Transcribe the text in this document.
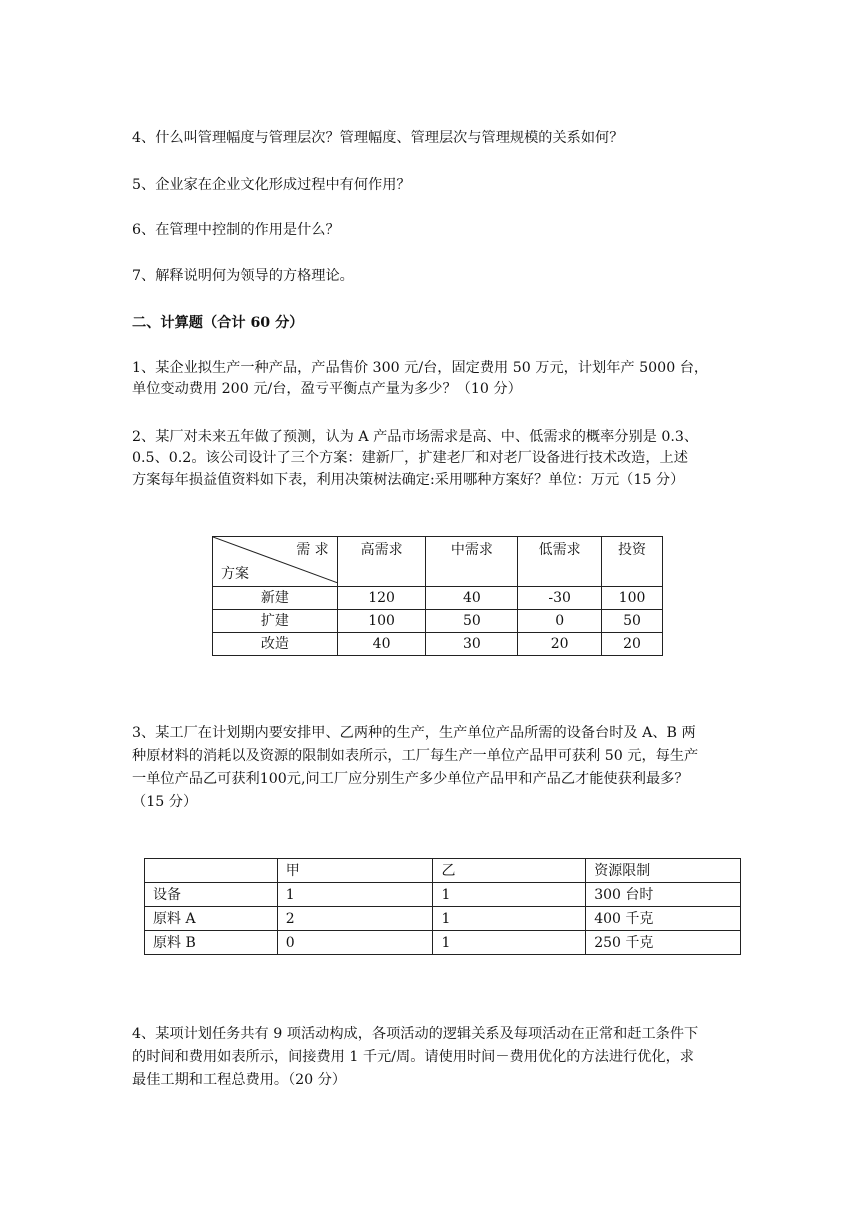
4、什么叫管理幅度与管理层次？管理幅度、管理层次与管理规模的关系如何？
5、企业家在企业文化形成过程中有何作用？
6、在管理中控制的作用是什么？
7、解释说明何为领导的方格理论。
二、计算题（合计 60 分）
1、某企业拟生产一种产品，产品售价 300 元/台，固定费用 50 万元，计划年产 5000 台，
单位变动费用 200 元/台，盈亏平衡点产量为多少？（10 分）
2、某厂对未来五年做了预测，认为 A 产品市场需求是高、中、低需求的概率分别是 0.3、
0.5、0.2。该公司设计了三个方案：建新厂，扩建老厂和对老厂设备进行技术改造，上述
方案每年损益值资料如下表，利用决策树法确定:采用哪种方案好？单位：万元（15 分）
需 求
方案	高需求	中需求	低需求	投资
新建	120	40	-30	100
扩建	100	50	0	50
改造	40	30	20	20
3、某工厂在计划期内要安排甲、乙两种的生产，生产单位产品所需的设备台时及 A、B 两
种原材料的消耗以及资源的限制如表所示，工厂每生产一单位产品甲可获利 50 元，每生产
一单位产品乙可获利100元,问工厂应分别生产多少单位产品甲和产品乙才能使获利最多？
（15 分）
	甲	乙	资源限制
设备	1	1	300 台时
原料 A	2	1	400 千克
原料 B	0	1	250 千克
4、某项计划任务共有 9 项活动构成，各项活动的逻辑关系及每项活动在正常和赶工条件下
的时间和费用如表所示，间接费用 1 千元/周。请使用时间－费用优化的方法进行优化，求
最佳工期和工程总费用。（20 分）
